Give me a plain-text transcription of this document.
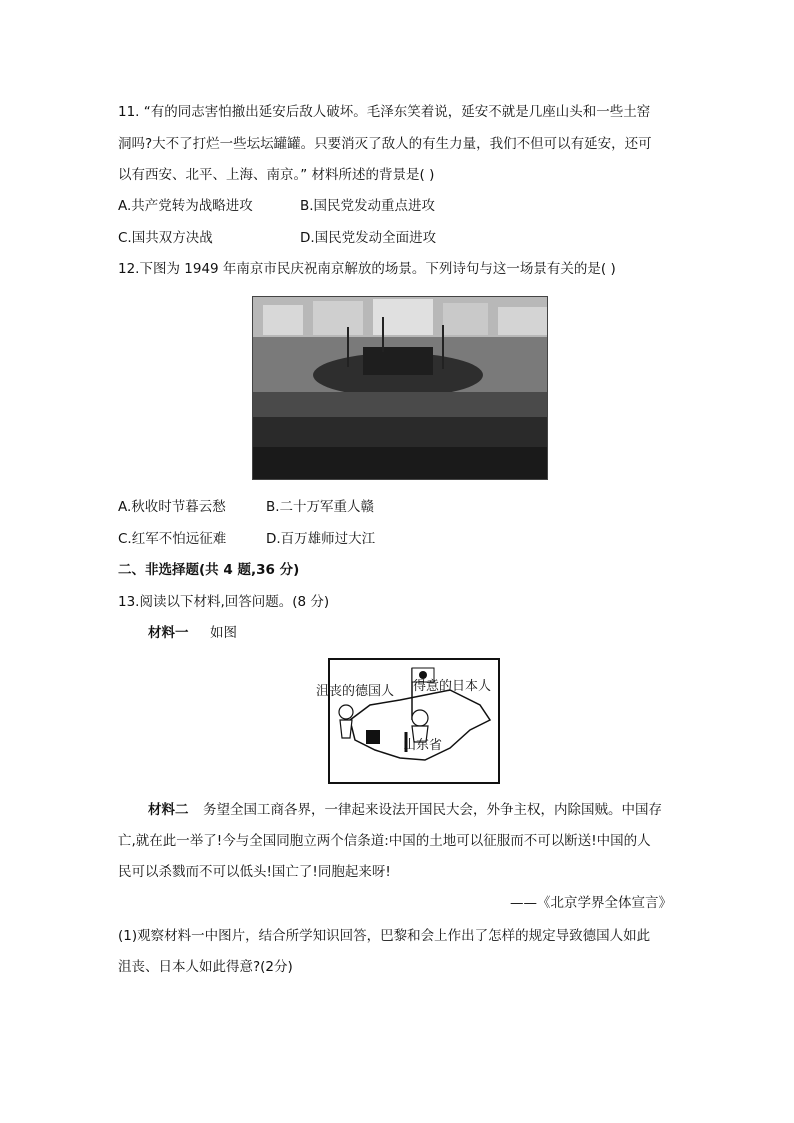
11. “有的同志害怕撤出延安后敌人破坏。毛泽东笑着说，延安不就是几座山头和一些土窑
洞吗?大不了打烂一些坛坛罐罐。只要消灭了敌人的有生力量，我们不但可以有延安，还可
以有西安、北平、上海、南京。” 材料所述的背景是( )
A.共产党转为战略进攻	B.国民党发动重点进攻
C.国共双方决战	D.国民党发动全面进攻
12.下图为 1949 年南京市民庆祝南京解放的场景。下列诗句与这一场景有关的是( )
A.秋收时节暮云愁	B.二十万军重人赣
C.红军不怕远征难	D.百万雄师过大江
二、非选择题(共 4 题,36 分)
13.阅读以下材料,回答问题。(8 分)
材料一 如图
沮丧的德国人 得意的日本人
山东省
材料二 务望全国工商各界，一律起来设法开国民大会，外争主权，内除国贼。中国存
亡,就在此一举了!今与全国同胞立两个信条道:中国的土地可以征服而不可以断送!中国的人
民可以杀戮而不可以低头!国亡了!同胞起来呀!
——《北京学界全体宣言》
(1)观察材料一中图片，结合所学知识回答，巴黎和会上作出了怎样的规定导致德国人如此
沮丧、日本人如此得意?(2分)
